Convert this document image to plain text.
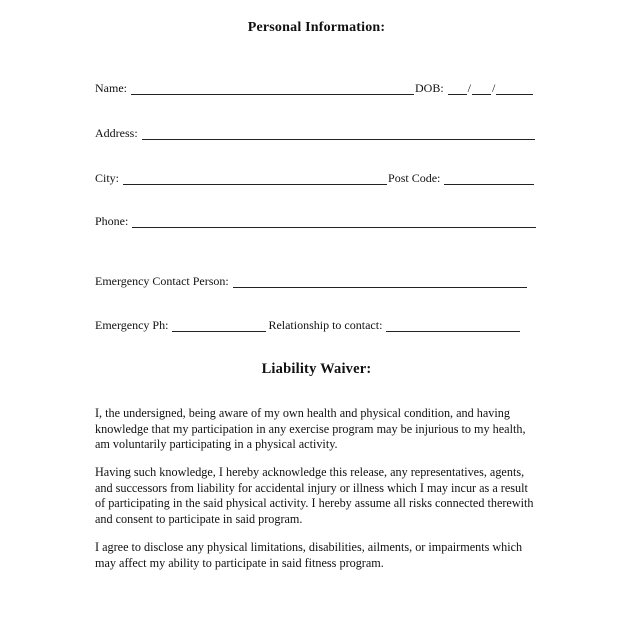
Personal Information:
Name:	DOB:	/ /
Address:
City:	Post Code:
Phone:
Emergency Contact Person:
Emergency Ph:	Relationship to contact:
Liability Waiver:
I, the undersigned, being aware of my own health and physical condition, and having knowledge that my participation in any exercise program may be injurious to my health, am voluntarily participating in a physical activity.
Having such knowledge, I hereby acknowledge this release, any representatives, agents, and successors from liability for accidental injury or illness which I may incur as a result of participating in the said physical activity. I hereby assume all risks connected therewith and consent to participate in said program.
I agree to disclose any physical limitations, disabilities, ailments, or impairments which may affect my ability to participate in said fitness program.
